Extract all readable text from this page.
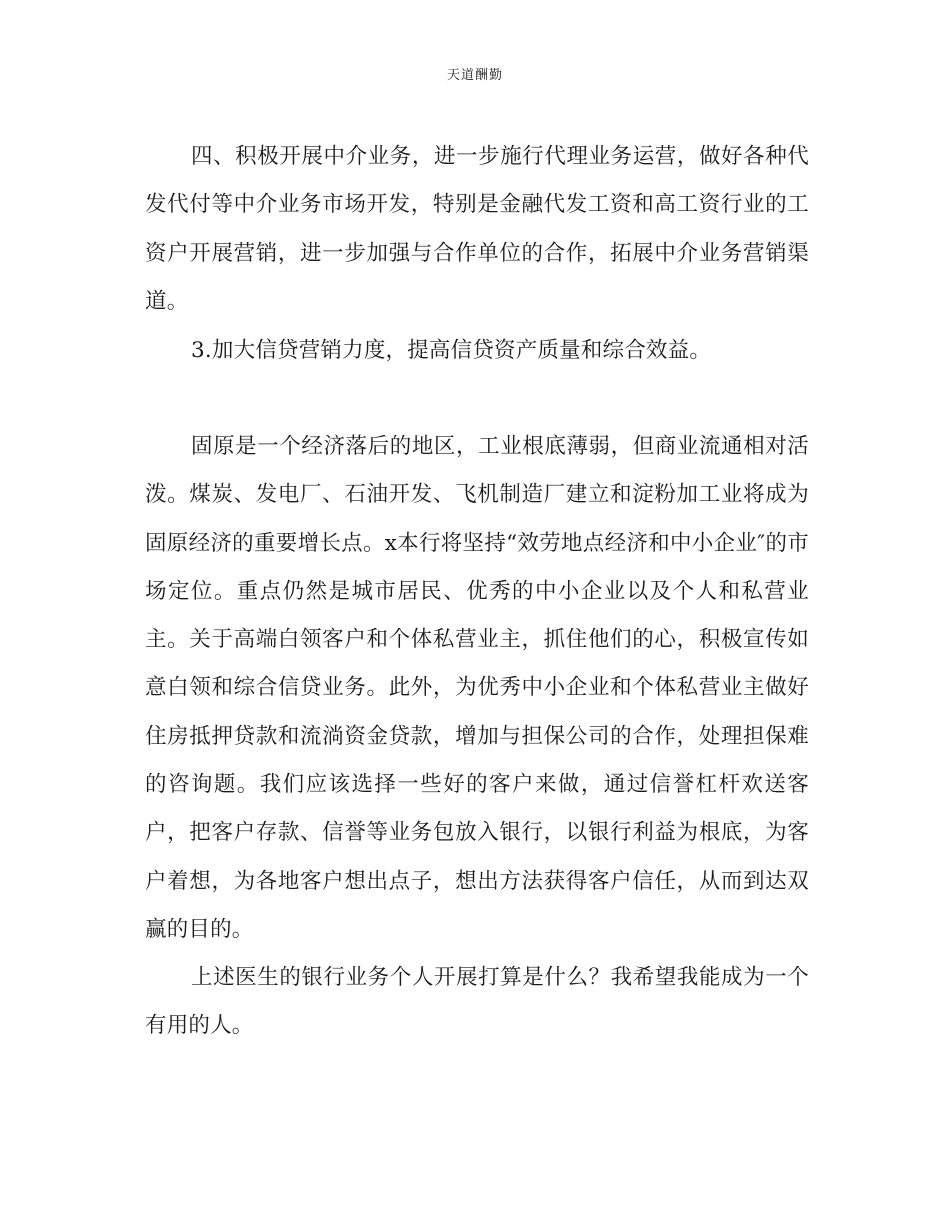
天道酬勤

四、积极开展中介业务，进一步施行代理业务运营，做好各种代发代付等中介业务市场开发，特别是金融代发工资和高工资行业的工资户开展营销，进一步加强与合作单位的合作，拓展中介业务营销渠道。

3.加大信贷营销力度，提高信贷资产质量和综合效益。

固原是一个经济落后的地区，工业根底薄弱，但商业流通相对活泼。煤炭、发电厂、石油开发、飞机制造厂建立和淀粉加工业将成为固原经济的重要增长点。x本行将坚持“效劳地点经济和中小企业″的市场定位。重点仍然是城市居民、优秀的中小企业以及个人和私营业主。关于高端白领客户和个体私营业主，抓住他们的心，积极宣传如意白领和综合信贷业务。此外，为优秀中小企业和个体私营业主做好住房抵押贷款和流淌资金贷款，增加与担保公司的合作，处理担保难的咨询题。我们应该选择一些好的客户来做，通过信誉杠杆欢送客户，把客户存款、信誉等业务包放入银行，以银行利益为根底，为客户着想，为各地客户想出点子，想出方法获得客户信任，从而到达双赢的目的。

上述医生的银行业务个人开展打算是什么？我希望我能成为一个有用的人。
